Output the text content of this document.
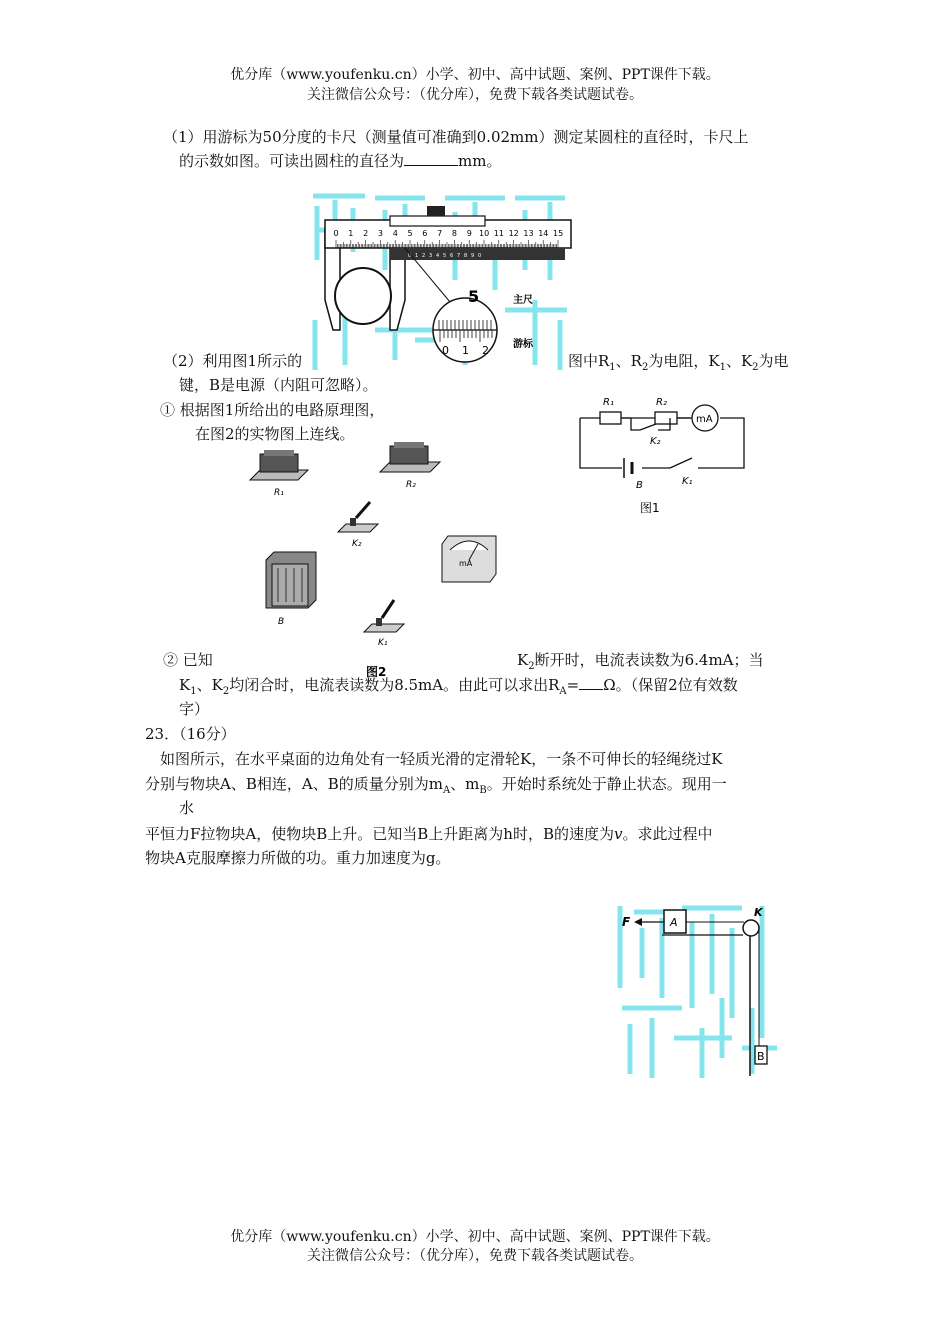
优分库（www.youfenku.cn）小学、初中、高中试题、案例、PPT课件下载。
关注微信公众号：（优分库），免费下载各类试题试卷。
（1）用游标为50分度的卡尺（测量值可准确到0.02mm）测定某圆柱的直径时，卡尺上
的示数如图。可读出圆柱的直径为	mm。
0 1 2 3 4 5 6 7 8 9 10 11 12 13 14 15
0 1 2 3 4 5 6 7 8 9 0
5	主尺
游标
0 1 2
（2）利用图1所示的	图中$R_1$、$R_2$为电阻，$K_1$、$K_2$为电
键，B是电源（内阻可忽略）。
① 根据图1所给出的电路原理图，
在图2的实物图上连线。
R₁	R₂
mA
K₂
B	K₁
图1
R₁
R₂
K₂
mA
B
K₁
图2
② 已知	$K_2$断开时，电流表读数为6.4mA；当
$K_1$、$K_2$均闭合时，电流表读数为8.5mA。由此可以求出$R_A= \Omega$。（保留2位有效数
字）
23．（16分）
如图所示，在水平桌面的边角处有一轻质光滑的定滑轮K，一条不可伸长的轻绳绕过K
分别与物块A、B相连，A、B的质量分别为$m_A$、$m_B$。开始时系统处于静止状态。现用一
水
平恒力F拉物块A，使物块B上升。已知当B上升距离为h时，B的速度为v。求此过程中
物块A克服摩擦力所做的功。重力加速度为g。
F	A
K
B
优分库（www.youfenku.cn）小学、初中、高中试题、案例、PPT课件下载。
关注微信公众号：（优分库），免费下载各类试题试卷。
